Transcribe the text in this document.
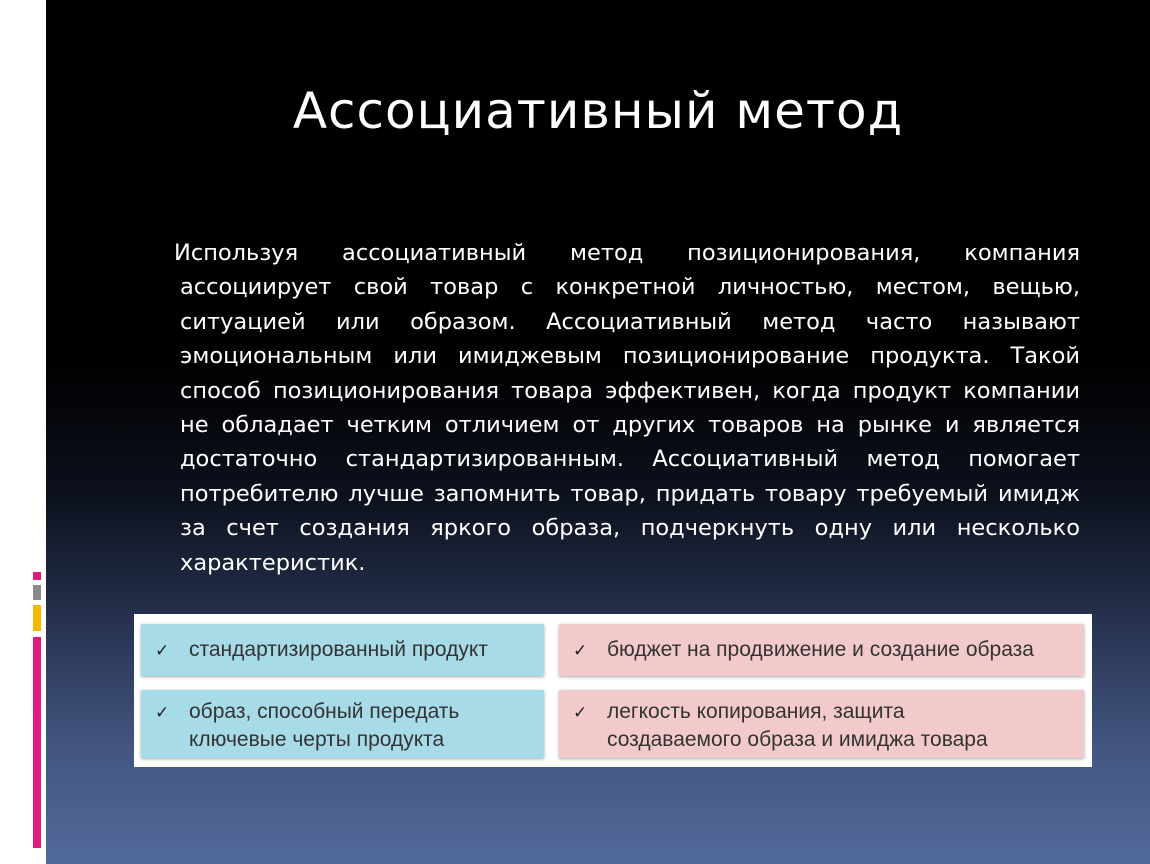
Ассоциативный метод

Используя ассоциативный метод позиционирования, компания ассоциирует свой товар с конкретной личностью, местом, вещью, ситуацией или образом. Ассоциативный метод часто называют эмоциональным или имиджевым позиционирование продукта. Такой способ позиционирования товара эффективен, когда продукт компании не обладает четким отличием от других товаров на рынке и является достаточно стандартизированным. Ассоциативный метод помогает потребителю лучше запомнить товар, придать товару требуемый имидж за счет создания яркого образа, подчеркнуть одну или несколько характеристик.

✓ стандартизированный продукт	✓ бюджет на продвижение и создание образа
✓ образ, способный передать
ключевые черты продукта
✓ легкость копирования, защита
создаваемого образа и имиджа товара
